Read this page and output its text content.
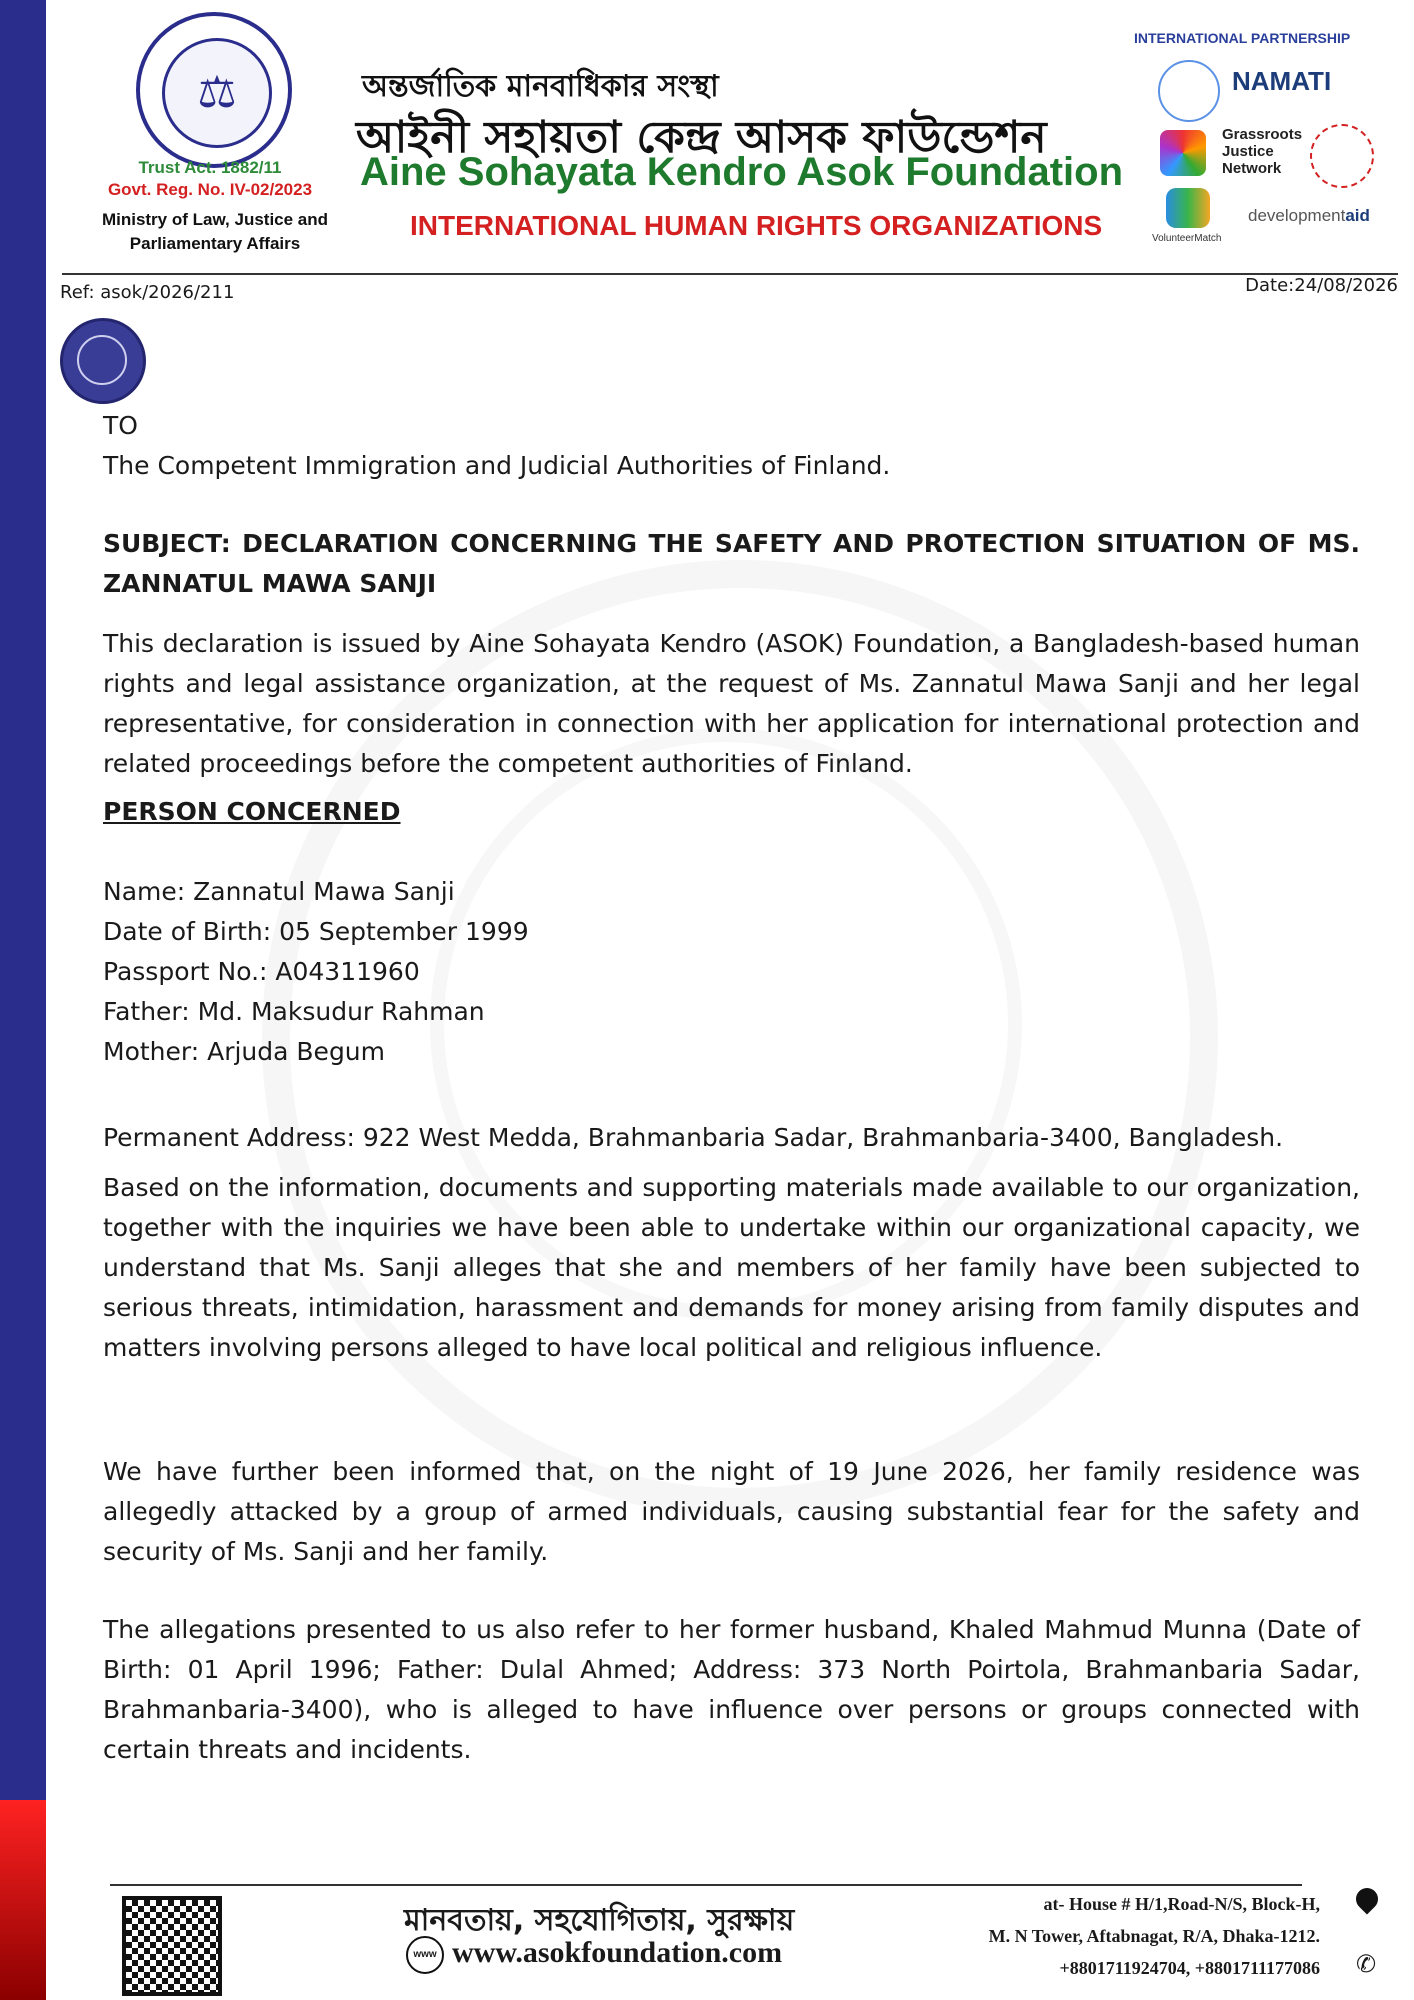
⚖
Trust Act. 1882/11
Govt. Reg. No. IV-02/2023
Ministry of Law, Justice and
Parliamentary Affairs
অন্তর্জাতিক মানবাধিকার সংস্থা
আইনী সহায়তা কেন্দ্র আসক ফাউন্ডেশন
Aine Sohayata Kendro Asok Foundation
INTERNATIONAL HUMAN RIGHTS ORGANIZATIONS
INTERNATIONAL PARTNERSHIP
NAMATI
Grassroots
Justice
Network
VolunteerMatch
developmentaid
Ref: asok/2026/211	Date:24/08/2026
TO
The Competent Immigration and Judicial Authorities of Finland.
SUBJECT: DECLARATION CONCERNING THE SAFETY AND PROTECTION SITUATION OF MS. ZANNATUL MAWA SANJI
This declaration is issued by Aine Sohayata Kendro (ASOK) Foundation, a Bangladesh-based human rights and legal assistance organization, at the request of Ms. Zannatul Mawa Sanji and her legal representative, for consideration in connection with her application for international protection and related proceedings before the competent authorities of Finland.
PERSON CONCERNED
Name: Zannatul Mawa Sanji
Date of Birth: 05 September 1999
Passport No.: A04311960
Father: Md. Maksudur Rahman
Mother: Arjuda Begum
Permanent Address: 922 West Medda, Brahmanbaria Sadar, Brahmanbaria-3400, Bangladesh.
Based on the information, documents and supporting materials made available to our organization, together with the inquiries we have been able to undertake within our organizational capacity, we understand that Ms. Sanji alleges that she and members of her family have been subjected to serious threats, intimidation, harassment and demands for money arising from family disputes and matters involving persons alleged to have local political and religious influence.
We have further been informed that, on the night of 19 June 2026, her family residence was allegedly attacked by a group of armed individuals, causing substantial fear for the safety and security of Ms. Sanji and her family.
The allegations presented to us also refer to her former husband, Khaled Mahmud Munna (Date of Birth: 01 April 1996; Father: Dulal Ahmed; Address: 373 North Poirtola, Brahmanbaria Sadar, Brahmanbaria-3400), who is alleged to have influence over persons or groups connected with certain threats and incidents.
মানবতায়, সহযোগিতায়, সুরক্ষায়
www www.asokfoundation.com
at- House # H/1,Road-N/S, Block-H,
M. N Tower, Aftabnagat, R/A, Dhaka-1212.
+8801711924704, +8801711177086 ✆
